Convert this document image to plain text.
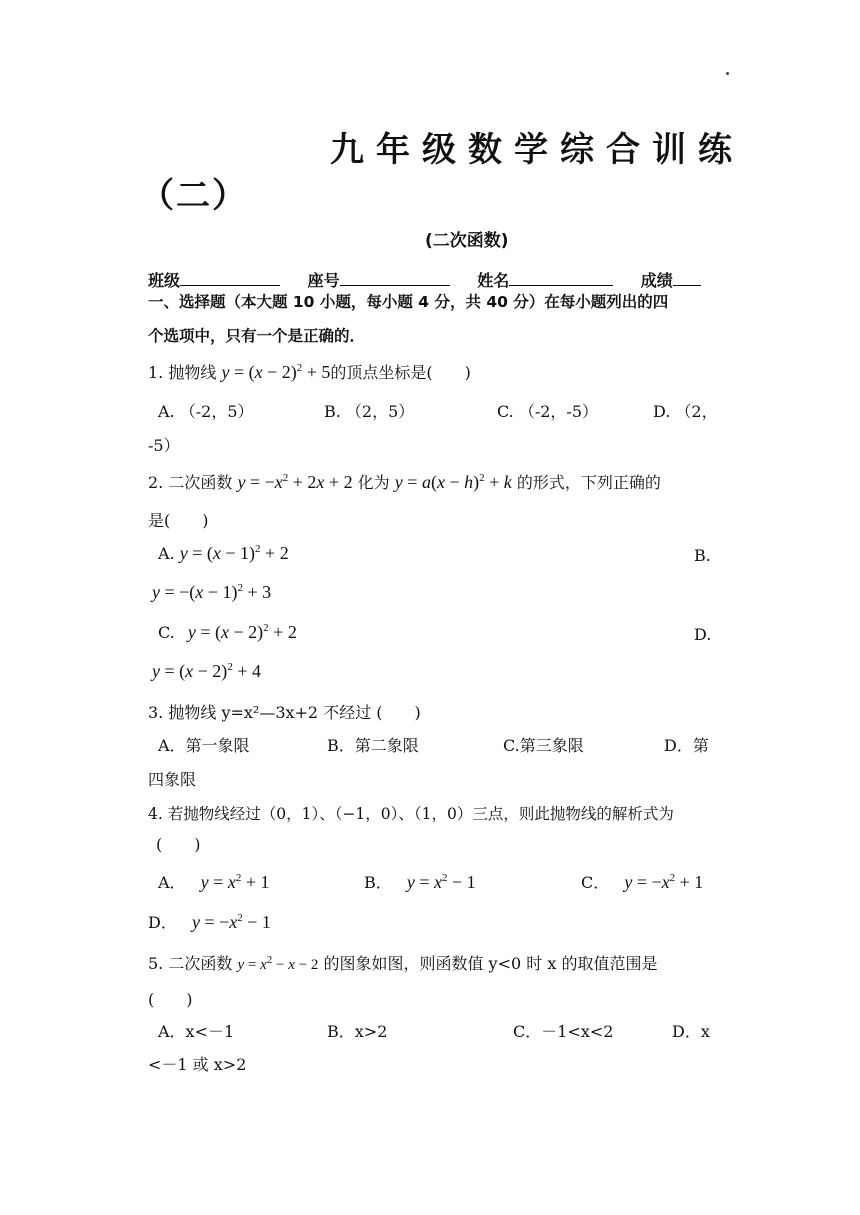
九年级数学综合训练
（二）
(二次函数)
班级	座号	姓名	成绩
一、选择题（本大题 10 小题，每小题 4 分，共 40 分）在每小题列出的四
个选项中，只有一个是正确的．
1. 抛物线 $y = (x - 2)^2 + 5$的顶点坐标是(　　)
A. （-2，5）	B. （2，5）	C. （-2，-5）	D. （2，
-5）
2. 二次函数 $y = -x^2 + 2x + 2$ 化为 $y = a(x - h)^2 + k$ 的形式，下列正确的
是(　　)
A. $y = (x - 1)^2 + 2$	B.
$y = -(x - 1)^2 + 3$
C. $y = (x - 2)^2 + 2$	D.
$y = (x - 2)^2 + 4$
3. 抛物线 y=x²—3x+2 不经过 (　　)
A．第一象限	B．第二象限	C.第三象限	D．第
四象限
4. 若抛物线经过（0，1）、（−1，0）、（1，0）三点，则此抛物线的解析式为
(　　)
A． $y = x^2 + 1$	B． $y = x^2 - 1$	C． $y = -x^2 + 1$
D． $y = -x^2 - 1$
5. 二次函数 $y = x^2 - x - 2$ 的图象如图，则函数值 y<0 时 x 的取值范围是
(　　)
A．x<－1	B．x>2	C．－1<x<2	D．x
<－1 或 x>2
